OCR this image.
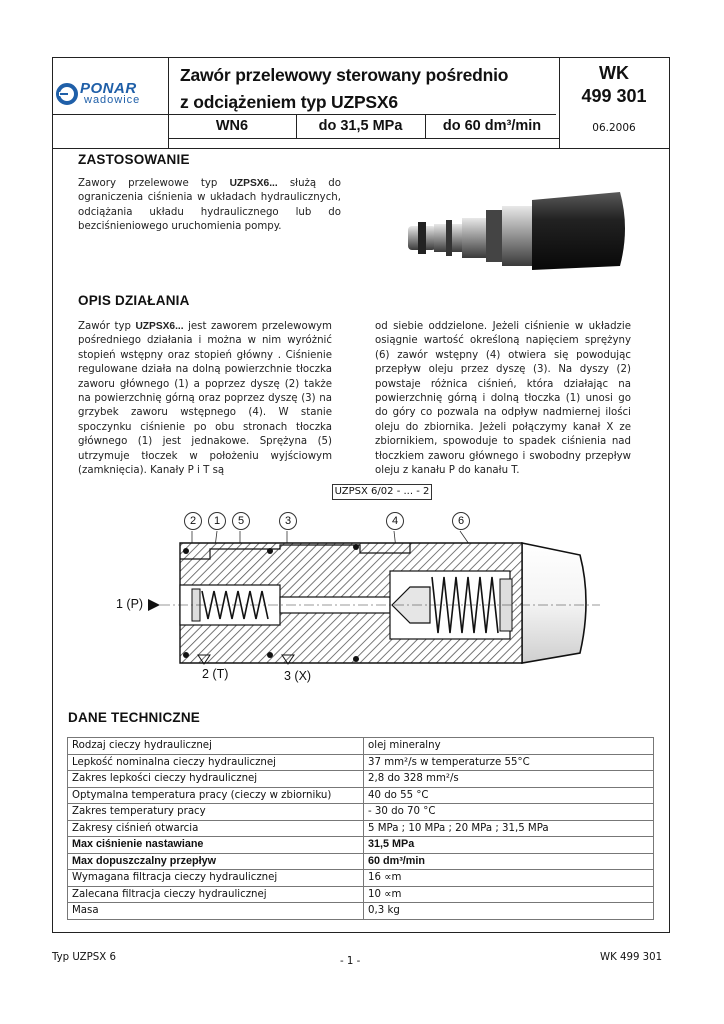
PONAR
wadowice
Zawór przelewowy sterowany pośrednio
z odciążeniem typ UZPSX6
WK
499 301
WN6	do 31,5 MPa	do 60 dm³/min	06.2006
ZASTOSOWANIE
Zawory przelewowe typ UZPSX6... służą do ograniczenia ciśnienia w układach hydraulicznych, odciążania układu hydraulicznego lub do bezciśnieniowego uruchomienia pompy.
OPIS DZIAŁANIA
Zawór typ UZPSX6... jest zaworem przelewowym pośredniego działania i można w nim wyróżnić stopień wstępny oraz stopień główny . Ciśnienie regulowane działa na dolną powierzchnie tłoczka zaworu głównego (1) a poprzez dyszę (2) także na powierzchnię górną oraz poprzez dyszę (3) na grzybek zaworu wstępnego (4). W stanie spoczynku ciśnienie po obu stronach tłoczka głównego (1) jest jednakowe. Sprężyna (5) utrzymuje tłoczek w położeniu wyjściowym (zamknięcia). Kanały P i T są
od siebie oddzielone. Jeżeli ciśnienie w układzie osiągnie wartość określoną napięciem sprężyny (6) zawór wstępny (4) otwiera się powodując przepływ oleju przez dyszę (3). Na dyszy (2) powstaje różnica ciśnień, która działając na powierzchnię górną i dolną tłoczka (1) unosi go do góry co pozwala na odpływ nadmiernej ilości oleju do zbiornika. Jeżeli połączymy kanał X ze zbiornikiem, spowoduje to spadek ciśnienia nad tłoczkiem zaworu głównego i swobodny przepływ oleju z kanału P do kanału T.
UZPSX 6/02 - ... - 2
2	1	5	3	4	6
1 (P)
2 (T)	3 (X)
DANE TECHNICZNE
Rodzaj cieczy hydraulicznej	olej mineralny
Lepkość nominalna cieczy hydraulicznej	37 mm²/s w temperaturze 55°C
Zakres lepkości cieczy hydraulicznej	2,8 do 328 mm²/s
Optymalna temperatura pracy (cieczy w zbiorniku)	40 do 55 °C
Zakres temperatury pracy	- 30 do 70 °C
Zakresy ciśnień otwarcia	5 MPa ; 10 MPa ; 20 MPa ; 31,5 MPa
Max ciśnienie nastawiane	31,5 MPa
Max dopuszczalny przepływ	60 dm³/min
Wymagana filtracja cieczy hydraulicznej	16 ∝m
Zalecana filtracja cieczy hydraulicznej	10 ∝m
Masa	0,3 kg
Typ UZPSX 6	- 1 -	WK 499 301
